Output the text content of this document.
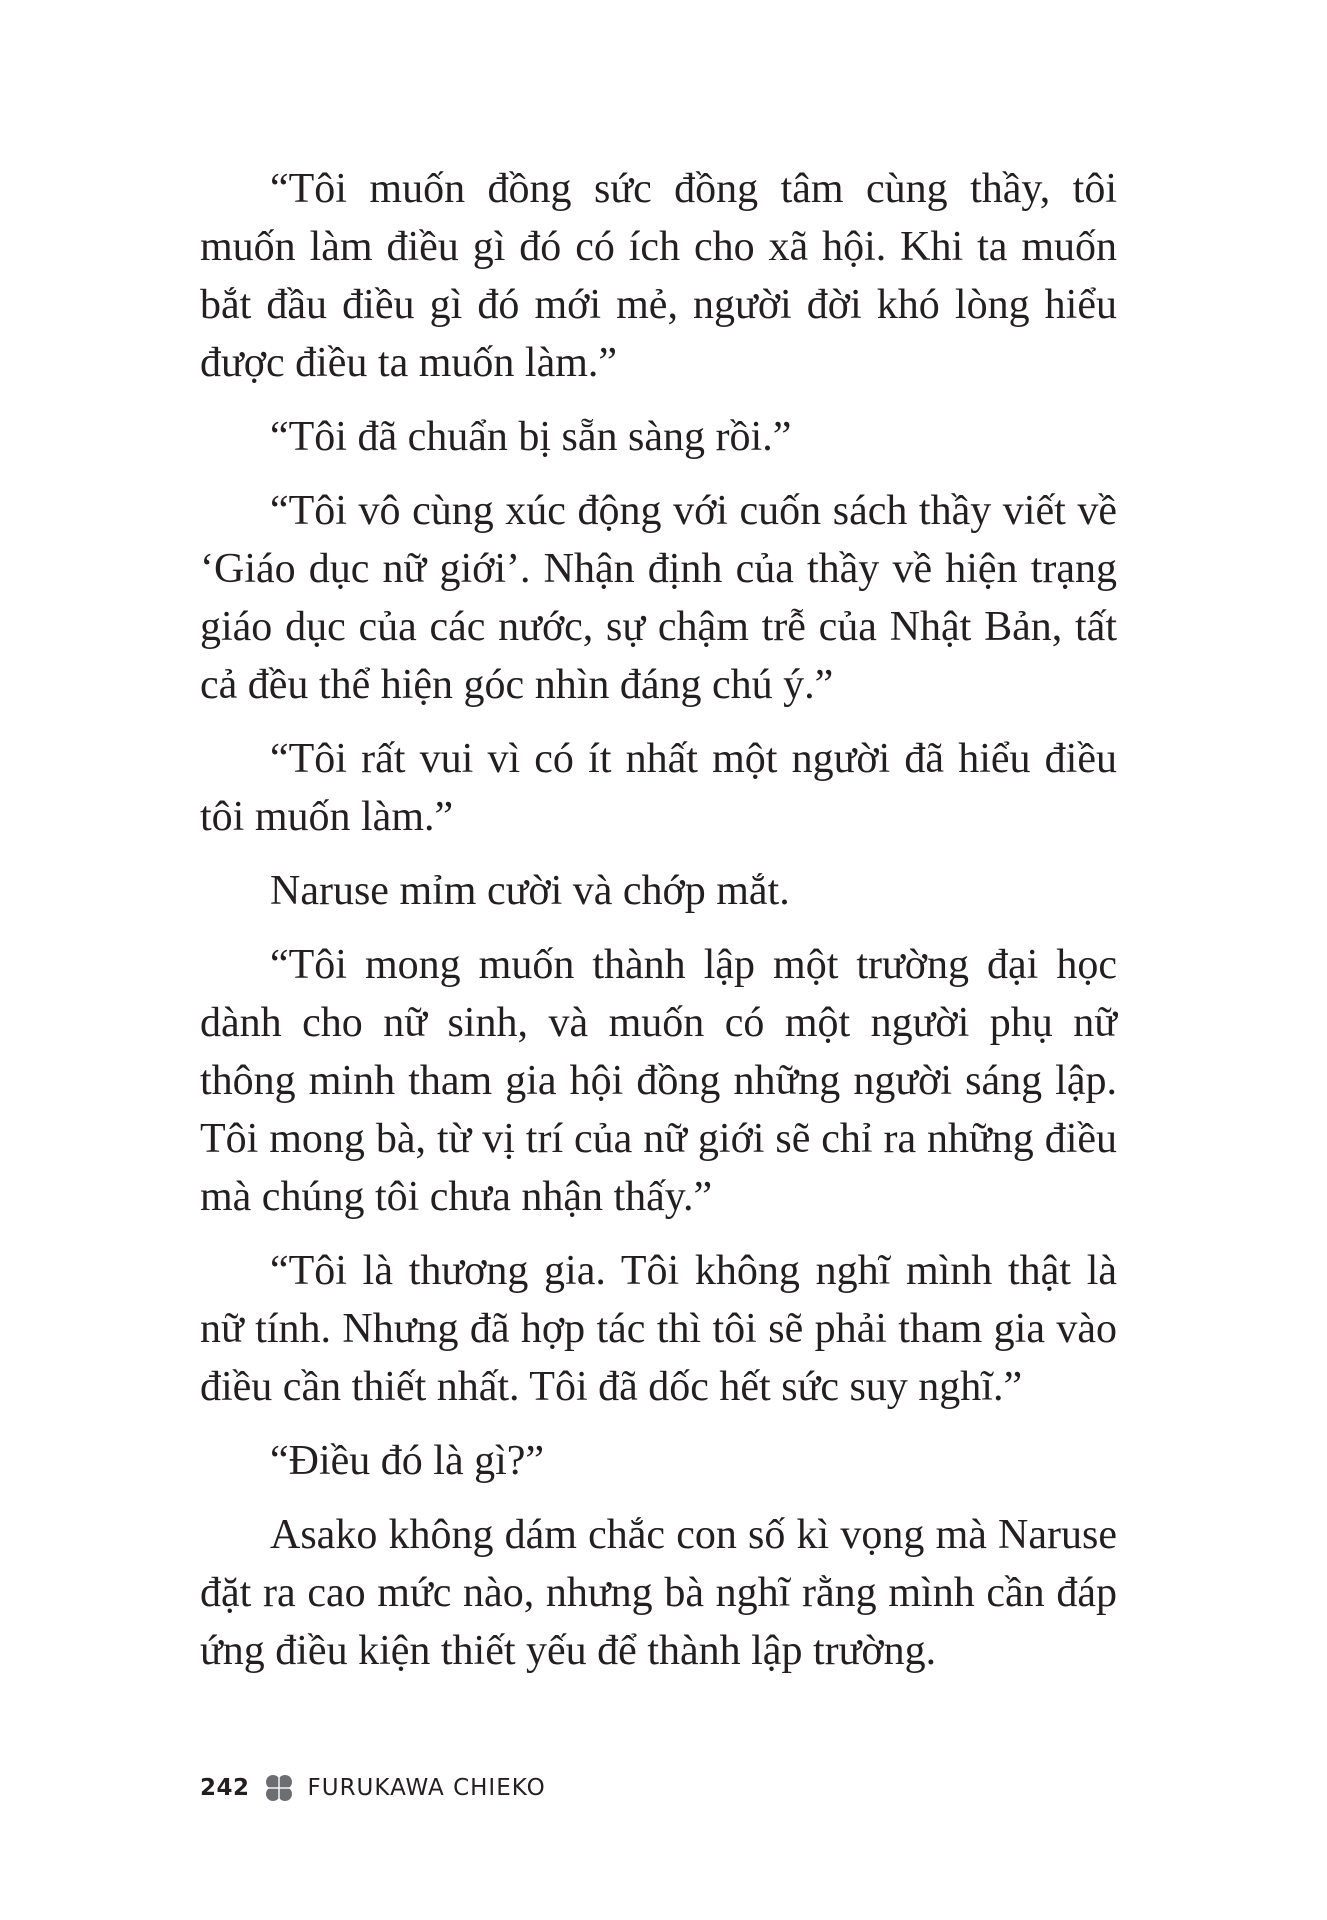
“Tôi muốn đồng sức đồng tâm cùng thầy, tôi muốn làm điều gì đó có ích cho xã hội. Khi ta muốn bắt đầu điều gì đó mới mẻ, người đời khó lòng hiểu được điều ta muốn làm.”

“Tôi đã chuẩn bị sẵn sàng rồi.”

“Tôi vô cùng xúc động với cuốn sách thầy viết về ‘Giáo dục nữ giới’. Nhận định của thầy về hiện trạng giáo dục của các nước, sự chậm trễ của Nhật Bản, tất cả đều thể hiện góc nhìn đáng chú ý.”

“Tôi rất vui vì có ít nhất một người đã hiểu điều tôi muốn làm.”

Naruse mỉm cười và chớp mắt.

“Tôi mong muốn thành lập một trường đại học dành cho nữ sinh, và muốn có một người phụ nữ thông minh tham gia hội đồng những người sáng lập. Tôi mong bà, từ vị trí của nữ giới sẽ chỉ ra những điều mà chúng tôi chưa nhận thấy.”

“Tôi là thương gia. Tôi không nghĩ mình thật là nữ tính. Nhưng đã hợp tác thì tôi sẽ phải tham gia vào điều cần thiết nhất. Tôi đã dốc hết sức suy nghĩ.”

“Điều đó là gì?”

Asako không dám chắc con số kì vọng mà Naruse đặt ra cao mức nào, nhưng bà nghĩ rằng mình cần đáp ứng điều kiện thiết yếu để thành lập trường.

242	FURUKAWA CHIEKO
